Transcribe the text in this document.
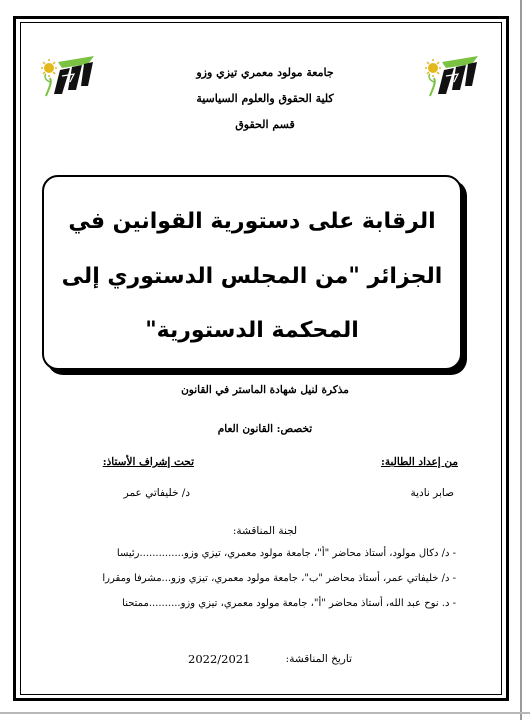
جامعة مولود معمري تيزي وزو
كلية الحقوق والعلوم السياسية
قسم الحقوق
الرقابة على دستورية القوانين في
الجزائر "من المجلس الدستوري إلى
المحكمة الدستورية"
مذكرة لنيل شهادة الماستر في القانون
تخصص: القانون العام
من إعداد الطالبة:
تحت إشراف الأستاذ:
صابر نادية
د/ خليفاتي عمر
لجنة المناقشة:
- د/ دكال مولود، أستاذ محاضر "أ"، جامعة مولود معمري، تيزي وزو..............رئيسا
- د/ خليفاتي عمر، أستاذ محاضر "ب"، جامعة مولود معمري، تيزي وزو...مشرفا ومقررا
- د. نوح عبد الله، أستاذ محاضر "أ"، جامعة مولود معمري، تيزي وزو..........ممتحنا
تاريخ المناقشة:
2022/2021
